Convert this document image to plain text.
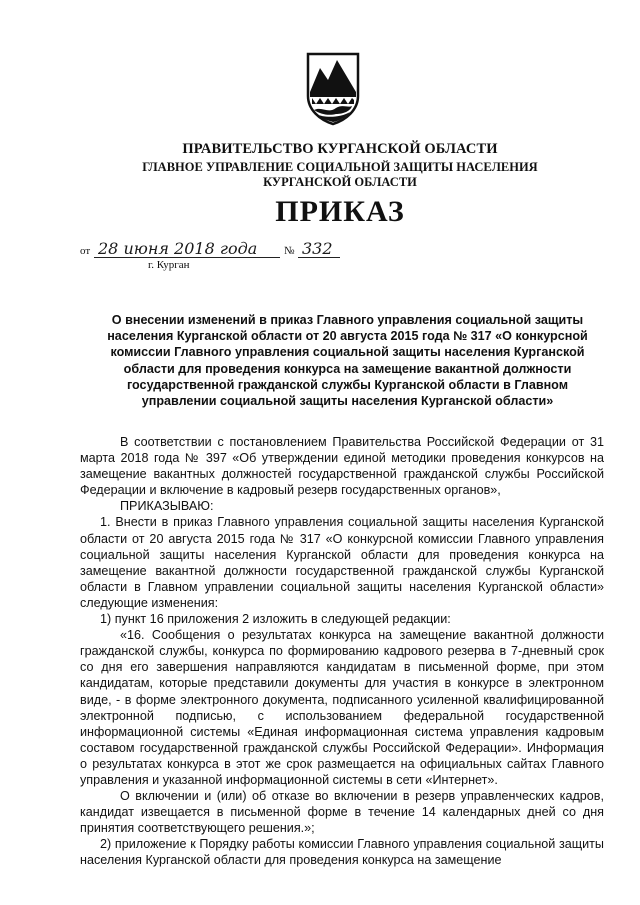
ПРАВИТЕЛЬСТВО КУРГАНСКОЙ ОБЛАСТИ
ГЛАВНОЕ УПРАВЛЕНИЕ СОЦИАЛЬНОЙ ЗАЩИТЫ НАСЕЛЕНИЯ
КУРГАНСКОЙ ОБЛАСТИ
ПРИКАЗ
от 28 июня 2018 года № 332
г. Курган
О внесении изменений в приказ Главного управления социальной защиты населения Курганской области от 20 августа 2015 года № 317 «О конкурсной комиссии Главного управления социальной защиты населения Курганской области для проведения конкурса на замещение вакантной должности государственной гражданской службы Курганской области в Главном управлении социальной защиты населения Курганской области»

В соответствии с постановлением Правительства Российской Федерации от 31 марта 2018 года № 397 «Об утверждении единой методики проведения конкурсов на замещение вакантных должностей государственной гражданской службы Российской Федерации и включение в кадровый резерв государственных органов»,

ПРИКАЗЫВАЮ:

1. Внести в приказ Главного управления социальной защиты населения Курганской области от 20 августа 2015 года № 317 «О конкурсной комиссии Главного управления социальной защиты населения Курганской области для проведения конкурса на замещение вакантной должности государственной гражданской службы Курганской области в Главном управлении социальной защиты населения Курганской области» следующие изменения:

1) пункт 16 приложения 2 изложить в следующей редакции:

«16. Сообщения о результатах конкурса на замещение вакантной должности гражданской службы, конкурса по формированию кадрового резерва в 7-дневный срок со дня его завершения направляются кандидатам в письменной форме, при этом кандидатам, которые представили документы для участия в конкурсе в электронном виде, - в форме электронного документа, подписанного усиленной квалифицированной электронной подписью, с использованием федеральной государственной информационной системы «Единая информационная система управления кадровым составом государственной гражданской службы Российской Федерации». Информация о результатах конкурса в этот же срок размещается на официальных сайтах Главного управления и указанной информационной системы в сети «Интернет».

О включении и (или) об отказе во включении в резерв управленческих кадров, кандидат извещается в письменной форме в течение 14 календарных дней со дня принятия соответствующего решения.»;

2) приложение к Порядку работы комиссии Главного управления социальной защиты населения Курганской области для проведения конкурса на замещение
